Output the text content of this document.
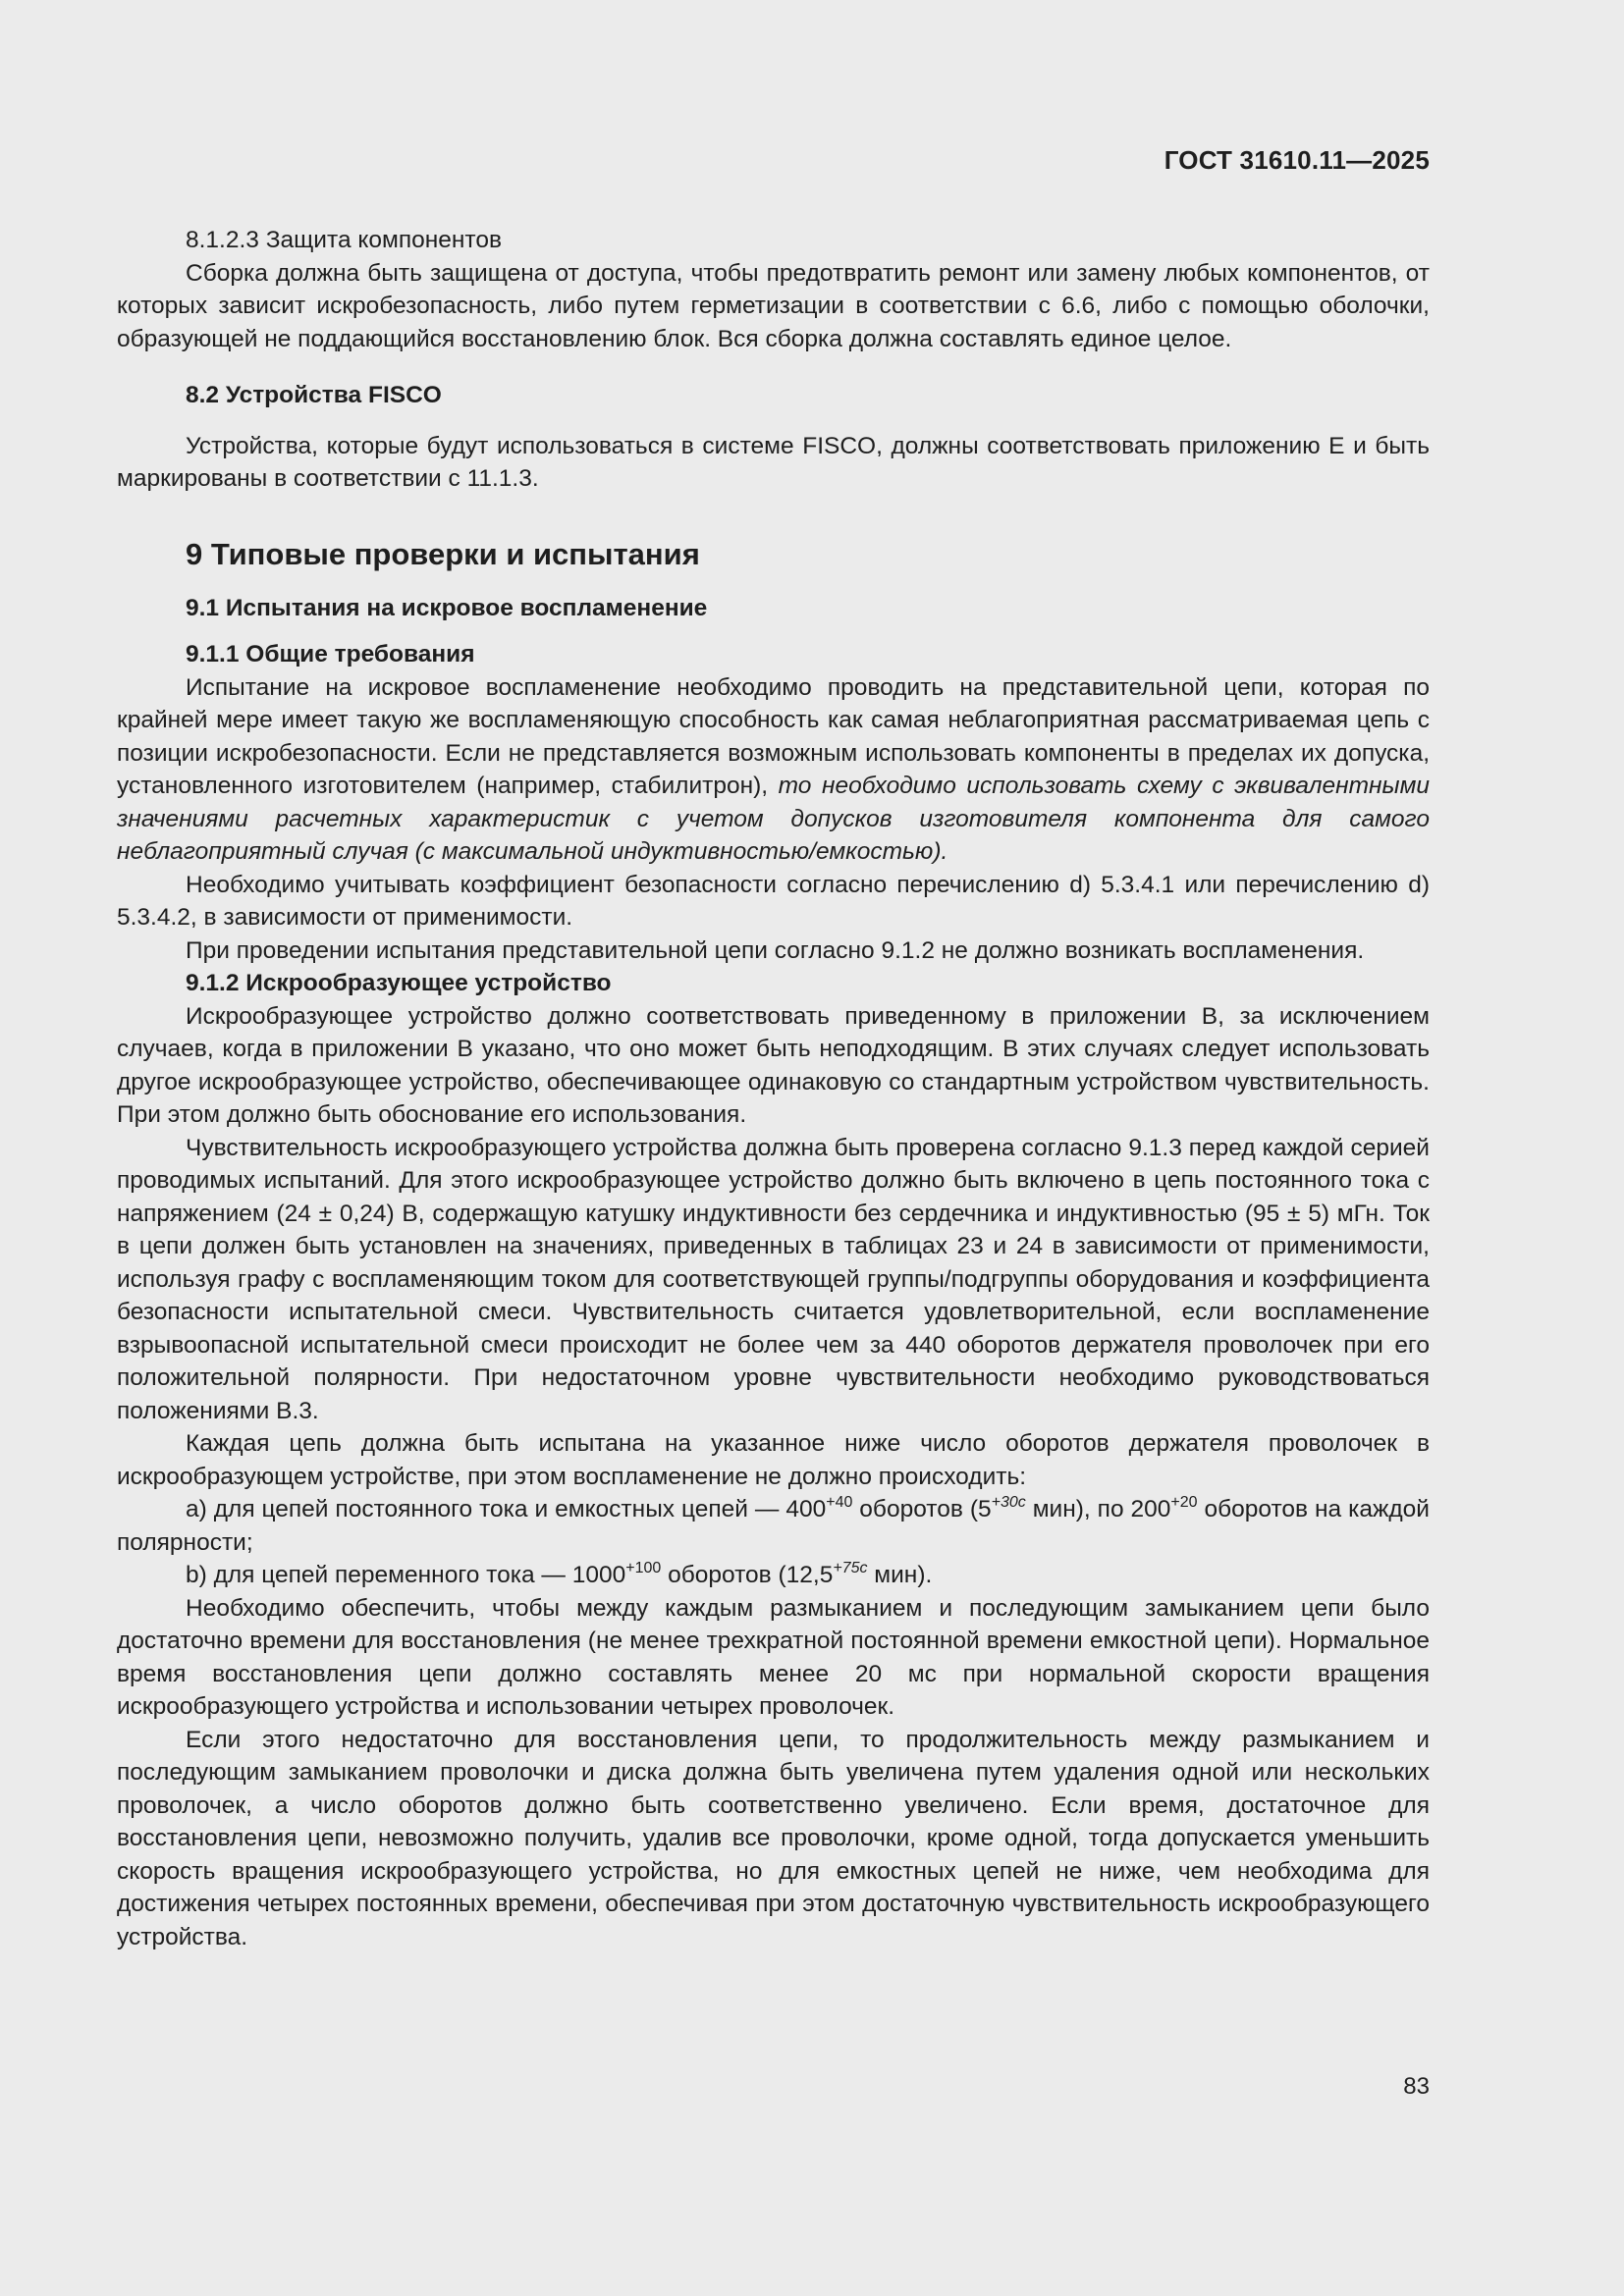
ГОСТ 31610.11—2025

8.1.2.3 Защита компонентов

Сборка должна быть защищена от доступа, чтобы предотвратить ремонт или замену любых компонентов, от которых зависит искробезопасность, либо путем герметизации в соответствии с 6.6, либо с помощью оболочки, образующей не поддающийся восстановлению блок. Вся сборка должна составлять единое целое.

8.2 Устройства FISCO

Устройства, которые будут использоваться в системе FISCO, должны соответствовать приложению E и быть маркированы в соответствии с 11.1.3.

9 Типовые проверки и испытания

9.1 Испытания на искровое воспламенение

9.1.1 Общие требования

Испытание на искровое воспламенение необходимо проводить на представительной цепи, которая по крайней мере имеет такую же воспламеняющую способность как самая неблагоприятная рассматриваемая цепь с позиции искробезопасности. Если не представляется возможным использовать компоненты в пределах их допуска, установленного изготовителем (например, стабилитрон), то необходимо использовать схему с эквивалентными значениями расчетных характеристик с учетом допусков изготовителя компонента для самого неблагоприятный случая (с максимальной индуктивностью/емкостью).

Необходимо учитывать коэффициент безопасности согласно перечислению d) 5.3.4.1 или перечислению d) 5.3.4.2, в зависимости от применимости.

При проведении испытания представительной цепи согласно 9.1.2 не должно возникать воспламенения.

9.1.2 Искрообразующее устройство

Искрообразующее устройство должно соответствовать приведенному в приложении B, за исключением случаев, когда в приложении B указано, что оно может быть неподходящим. В этих случаях следует использовать другое искрообразующее устройство, обеспечивающее одинаковую со стандартным устройством чувствительность. При этом должно быть обоснование его использования.

Чувствительность искрообразующего устройства должна быть проверена согласно 9.1.3 перед каждой серией проводимых испытаний. Для этого искрообразующее устройство должно быть включено в цепь постоянного тока с напряжением (24 ± 0,24) В, содержащую катушку индуктивности без сердечника и индуктивностью (95 ± 5) мГн. Ток в цепи должен быть установлен на значениях, приведенных в таблицах 23 и 24 в зависимости от применимости, используя графу с воспламеняющим током для соответствующей группы/подгруппы оборудования и коэффициента безопасности испытательной смеси. Чувствительность считается удовлетворительной, если воспламенение взрывоопасной испытательной смеси происходит не более чем за 440 оборотов держателя проволочек при его положительной полярности. При недостаточном уровне чувствительности необходимо руководствоваться положениями B.3.

Каждая цепь должна быть испытана на указанное ниже число оборотов держателя проволочек в искрообразующем устройстве, при этом воспламенение не должно происходить:

a) для цепей постоянного тока и емкостных цепей — $400^{+40}$ оборотов ($5^{+30с}$ мин), по $200^{+20}$ оборотов на каждой полярности;

b) для цепей переменного тока — $1000^{+100}$ оборотов ($12,5^{+75с}$ мин).

Необходимо обеспечить, чтобы между каждым размыканием и последующим замыканием цепи было достаточно времени для восстановления (не менее трехкратной постоянной времени емкостной цепи). Нормальное время восстановления цепи должно составлять менее 20 мс при нормальной скорости вращения искрообразующего устройства и использовании четырех проволочек.

Если этого недостаточно для восстановления цепи, то продолжительность между размыканием и последующим замыканием проволочки и диска должна быть увеличена путем удаления одной или нескольких проволочек, а число оборотов должно быть соответственно увеличено. Если время, достаточное для восстановления цепи, невозможно получить, удалив все проволочки, кроме одной, тогда допускается уменьшить скорость вращения искрообразующего устройства, но для емкостных цепей не ниже, чем необходима для достижения четырех постоянных времени, обеспечивая при этом достаточную чувствительность искрообразующего устройства.

83
